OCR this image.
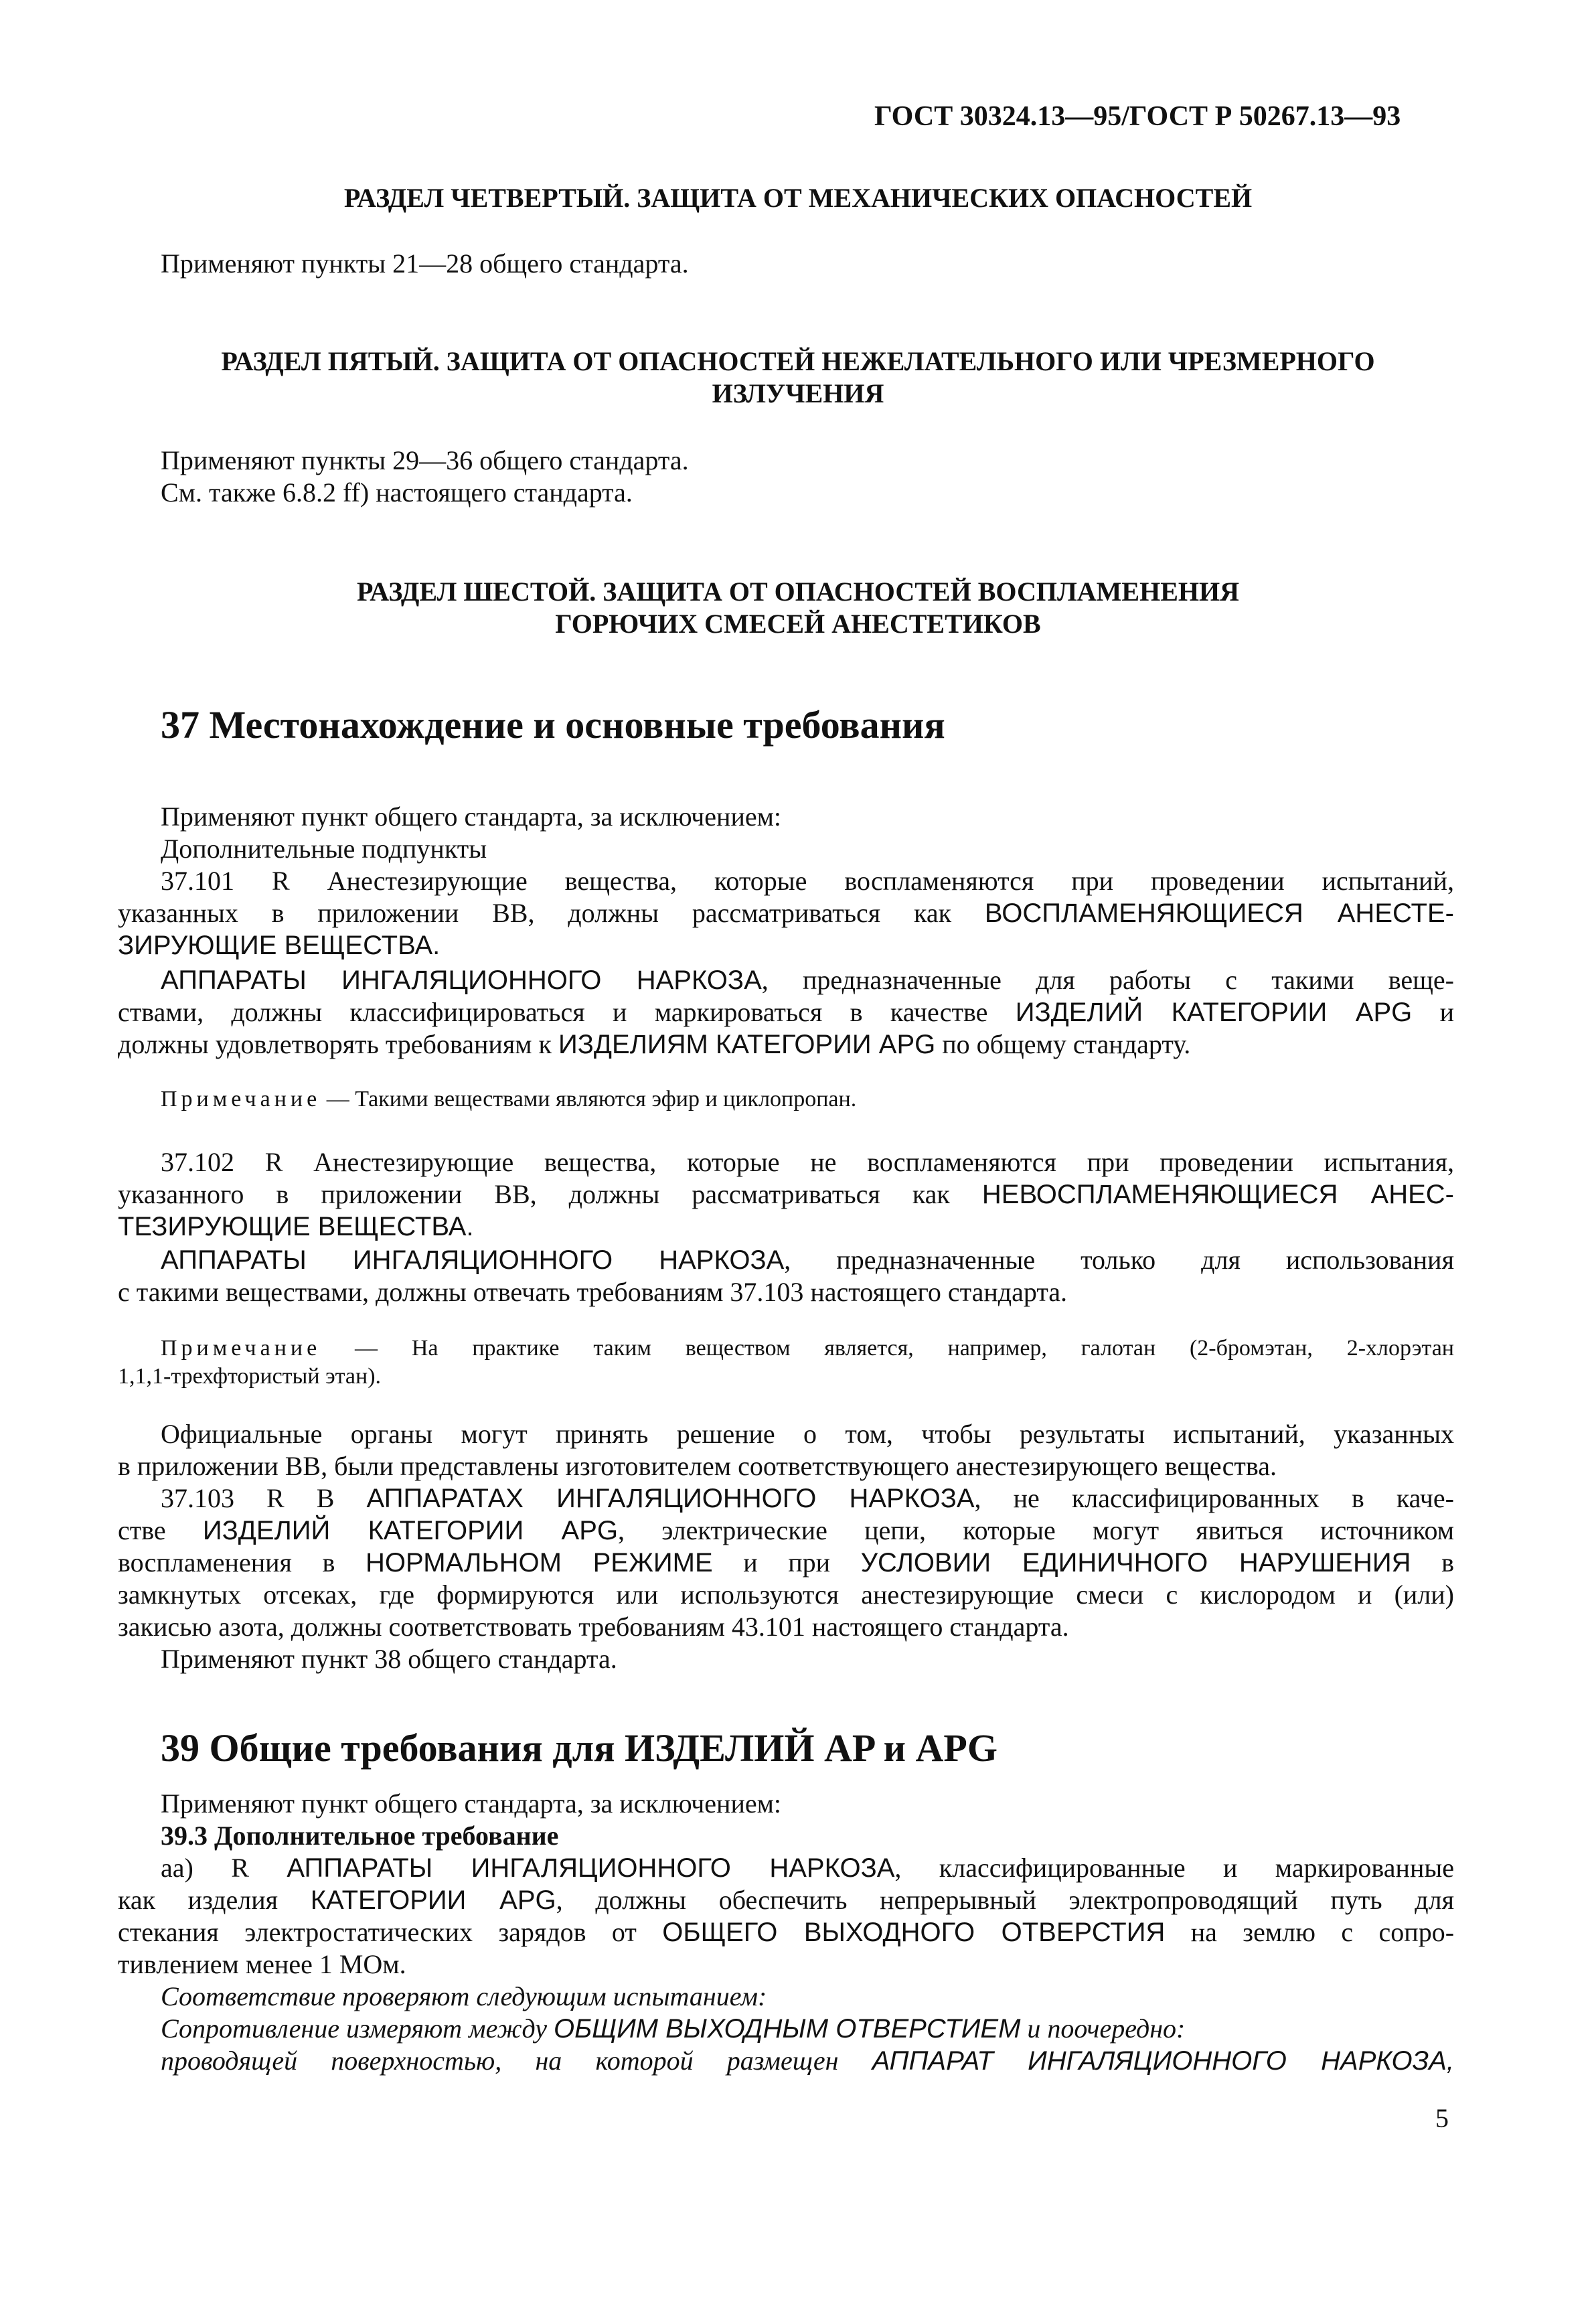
ГОСТ 30324.13—95/ГОСТ Р 50267.13—93
РАЗДЕЛ ЧЕТВЕРТЫЙ. ЗАЩИТА ОТ МЕХАНИЧЕСКИХ ОПАСНОСТЕЙ
Применяют пункты 21—28 общего стандарта.
РАЗДЕЛ ПЯТЫЙ. ЗАЩИТА ОТ ОПАСНОСТЕЙ НЕЖЕЛАТЕЛЬНОГО ИЛИ ЧРЕЗМЕРНОГО
ИЗЛУЧЕНИЯ
Применяют пункты 29—36 общего стандарта.
См. также 6.8.2 ff) настоящего стандарта.
РАЗДЕЛ ШЕСТОЙ. ЗАЩИТА ОТ ОПАСНОСТЕЙ ВОСПЛАМЕНЕНИЯ
ГОРЮЧИХ СМЕСЕЙ АНЕСТЕТИКОВ
37 Местонахождение и основные требования
Применяют пункт общего стандарта, за исключением:
Дополнительные подпункты
37.101 R Анестезирующие вещества, которые воспламеняются при проведении испытаний,
указанных в приложении ВВ, должны рассматриваться как ВОСПЛАМЕНЯЮЩИЕСЯ АНЕСТЕ-
ЗИРУЮЩИЕ ВЕЩЕСТВА.
АППАРАТЫ ИНГАЛЯЦИОННОГО НАРКОЗА, предназначенные для работы с такими веще-
ствами, должны классифицироваться и маркироваться в качестве ИЗДЕЛИЙ КАТЕГОРИИ APG и
должны удовлетворять требованиям к ИЗДЕЛИЯМ КАТЕГОРИИ APG по общему стандарту.
Примечание — Такими веществами являются эфир и циклопропан.
37.102 R Анестезирующие вещества, которые не воспламеняются при проведении испытания,
указанного в приложении ВВ, должны рассматриваться как НЕВОСПЛАМЕНЯЮЩИЕСЯ АНЕС-
ТЕЗИРУЮЩИЕ ВЕЩЕСТВА.
АППАРАТЫ ИНГАЛЯЦИОННОГО НАРКОЗА, предназначенные только для использования
с такими веществами, должны отвечать требованиям 37.103 настоящего стандарта.
Примечание — На практике таким веществом является, например, галотан (2-бромэтан, 2-хлорэтан
1,1,1-трехфтористый этан).
Официальные органы могут принять решение о том, чтобы результаты испытаний, указанных
в приложении ВВ, были представлены изготовителем соответствующего анестезирующего вещества.
37.103 R В АППАРАТАХ ИНГАЛЯЦИОННОГО НАРКОЗА, не классифицированных в каче-
стве ИЗДЕЛИЙ КАТЕГОРИИ APG, электрические цепи, которые могут явиться источником
воспламенения в НОРМАЛЬНОМ РЕЖИМЕ и при УСЛОВИИ ЕДИНИЧНОГО НАРУШЕНИЯ в
замкнутых отсеках, где формируются или используются анестезирующие смеси с кислородом и (или)
закисью азота, должны соответствовать требованиям 43.101 настоящего стандарта.
Применяют пункт 38 общего стандарта.
39 Общие требования для ИЗДЕЛИЙ AP и APG
Применяют пункт общего стандарта, за исключением:
39.3 Дополнительное требование
aa) R АППАРАТЫ ИНГАЛЯЦИОННОГО НАРКОЗА, классифицированные и маркированные
как изделия КАТЕГОРИИ APG, должны обеспечить непрерывный электропроводящий путь для
стекания электростатических зарядов от ОБЩЕГО ВЫХОДНОГО ОТВЕРСТИЯ на землю с сопро-
тивлением менее 1 МОм.
Соответствие проверяют следующим испытанием:
Сопротивление измеряют между ОБЩИМ ВЫХОДНЫМ ОТВЕРСТИЕМ и поочередно:
проводящей поверхностью, на которой размещен АППАРАТ ИНГАЛЯЦИОННОГО НАРКОЗА,
5
